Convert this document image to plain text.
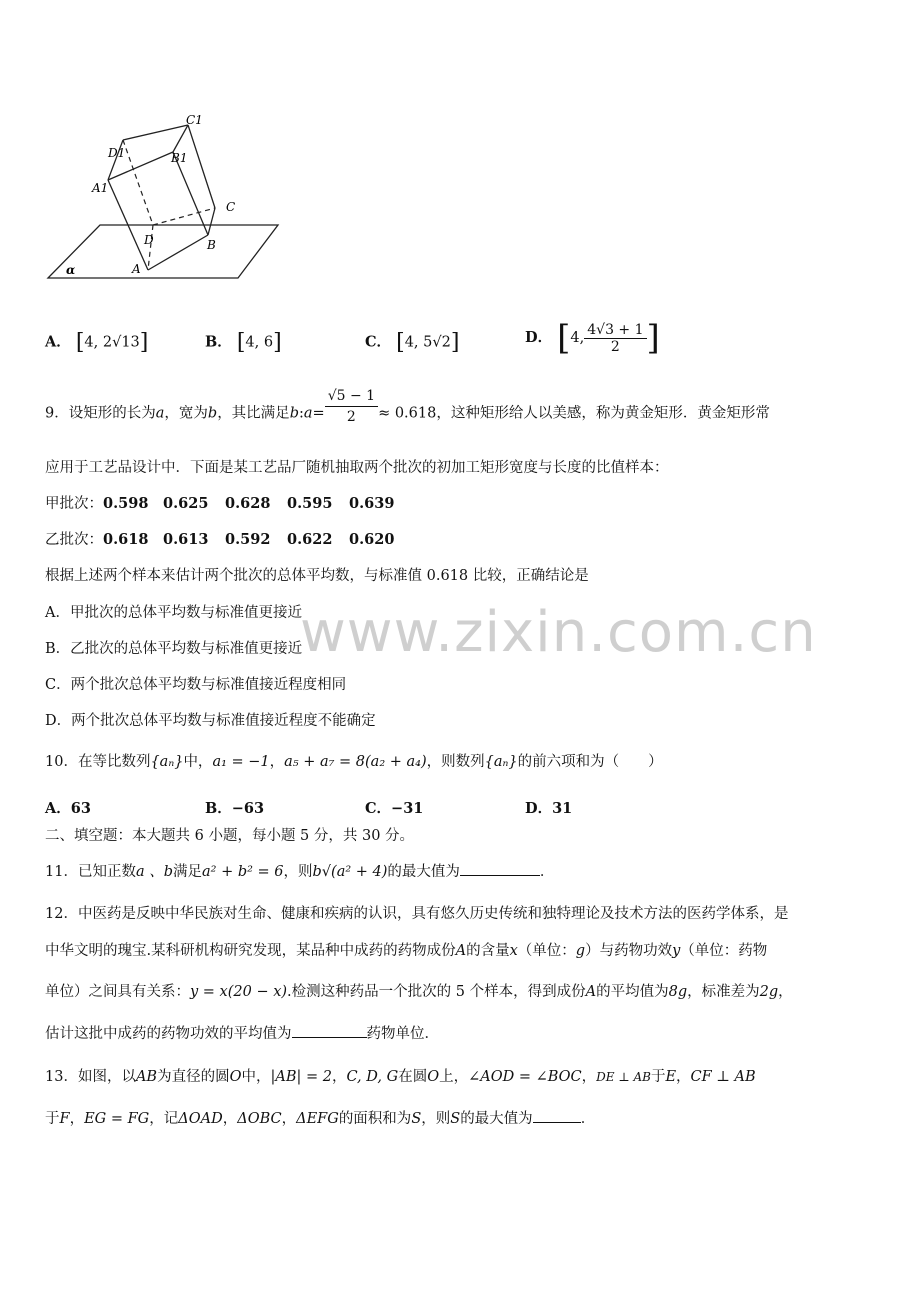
C1
D1	B1
A1
C
D	B
A
α
A． [4, 2√13]	B． [4, 6]	C． [4, 5√2]	D． [4, $\frac{4√3 + 1}{2}$ ]
9．设矩形的长为a，宽为b，其比满足b:a= $\frac{√5 - 1}{2} \approx 0.618$，这种矩形给人以美感，称为黄金矩形．黄金矩形常
应用于工艺品设计中．下面是某工艺品厂随机抽取两个批次的初加工矩形宽度与长度的比值样本：
甲批次：0.598 0.625 0.628 0.595 0.639
乙批次：0.618 0.613 0.592 0.622 0.620
根据上述两个样本来估计两个批次的总体平均数，与标准值 0.618 比较，正确结论是
A．甲批次的总体平均数与标准值更接近
B．乙批次的总体平均数与标准值更接近
C．两个批次总体平均数与标准值接近程度相同
D．两个批次总体平均数与标准值接近程度不能确定
10．在等比数列{aₙ}中，a₁ = −1，a₅ + a₇ = 8(a₂ + a₄)，则数列{aₙ}的前六项和为（　　）
A．63	B．−63	C．−31	D．31
二、填空题：本大题共 6 小题，每小题 5 分，共 30 分。
11．已知正数a 、b满足a² + b² = 6，则b√(a² + 4)的最大值为	．
12．中医药是反映中华民族对生命、健康和疾病的认识，具有悠久历史传统和独特理论及技术方法的医药学体系，是
中华文明的瑰宝.某科研机构研究发现，某品种中成药的药物成份A的含量x（单位：g）与药物功效y（单位：药物
单位）之间具有关系：y = x(20 − x).检测这种药品一个批次的 5 个样本，得到成份A的平均值为8g，标准差为2g，
估计这批中成药的药物功效的平均值为	药物单位．
13．如图，以AB为直径的圆O中，|AB| = 2，C, D, G在圆O上，∠AOD = ∠BOC，DE ⊥ AB于E，CF ⊥ AB
于F，EG = FG，记ΔOAD，ΔOBC，ΔEFG的面积和为S，则S的最大值为	．
www.zixin.com.cn
